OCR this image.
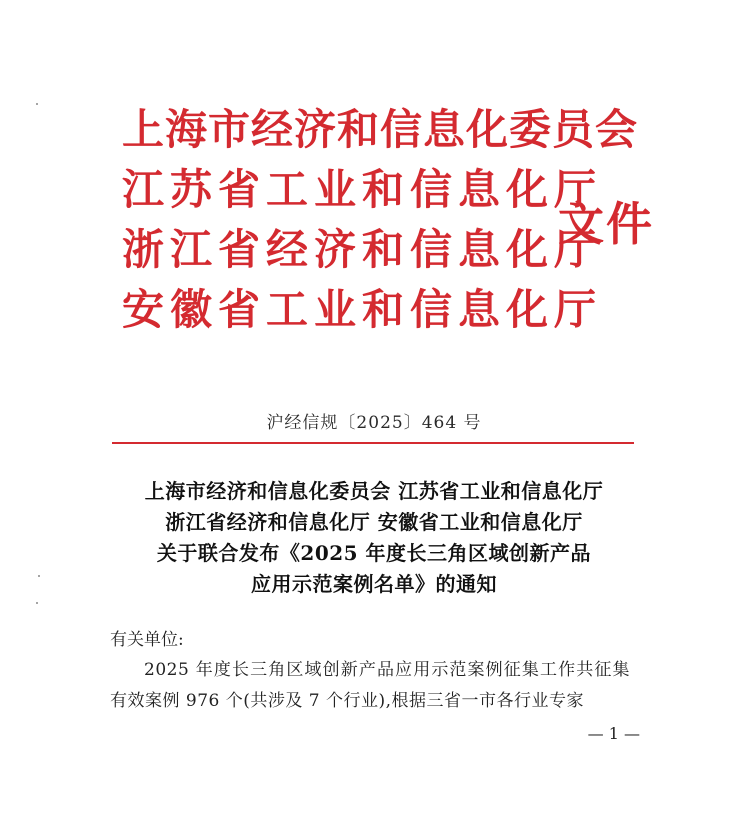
上海市经济和信息化委员会
江苏省工业和信息化厅
浙江省经济和信息化厅
安徽省工业和信息化厅
文件
沪经信规〔2025〕464 号
上海市经济和信息化委员会 江苏省工业和信息化厅
浙江省经济和信息化厅 安徽省工业和信息化厅
关于联合发布《2025 年度长三角区域创新产品
应用示范案例名单》的通知
有关单位:
2025 年度长三角区域创新产品应用示范案例征集工作共征集有效案例 976 个(共涉及 7 个行业),根据三省一市各行业专家
— 1 —
